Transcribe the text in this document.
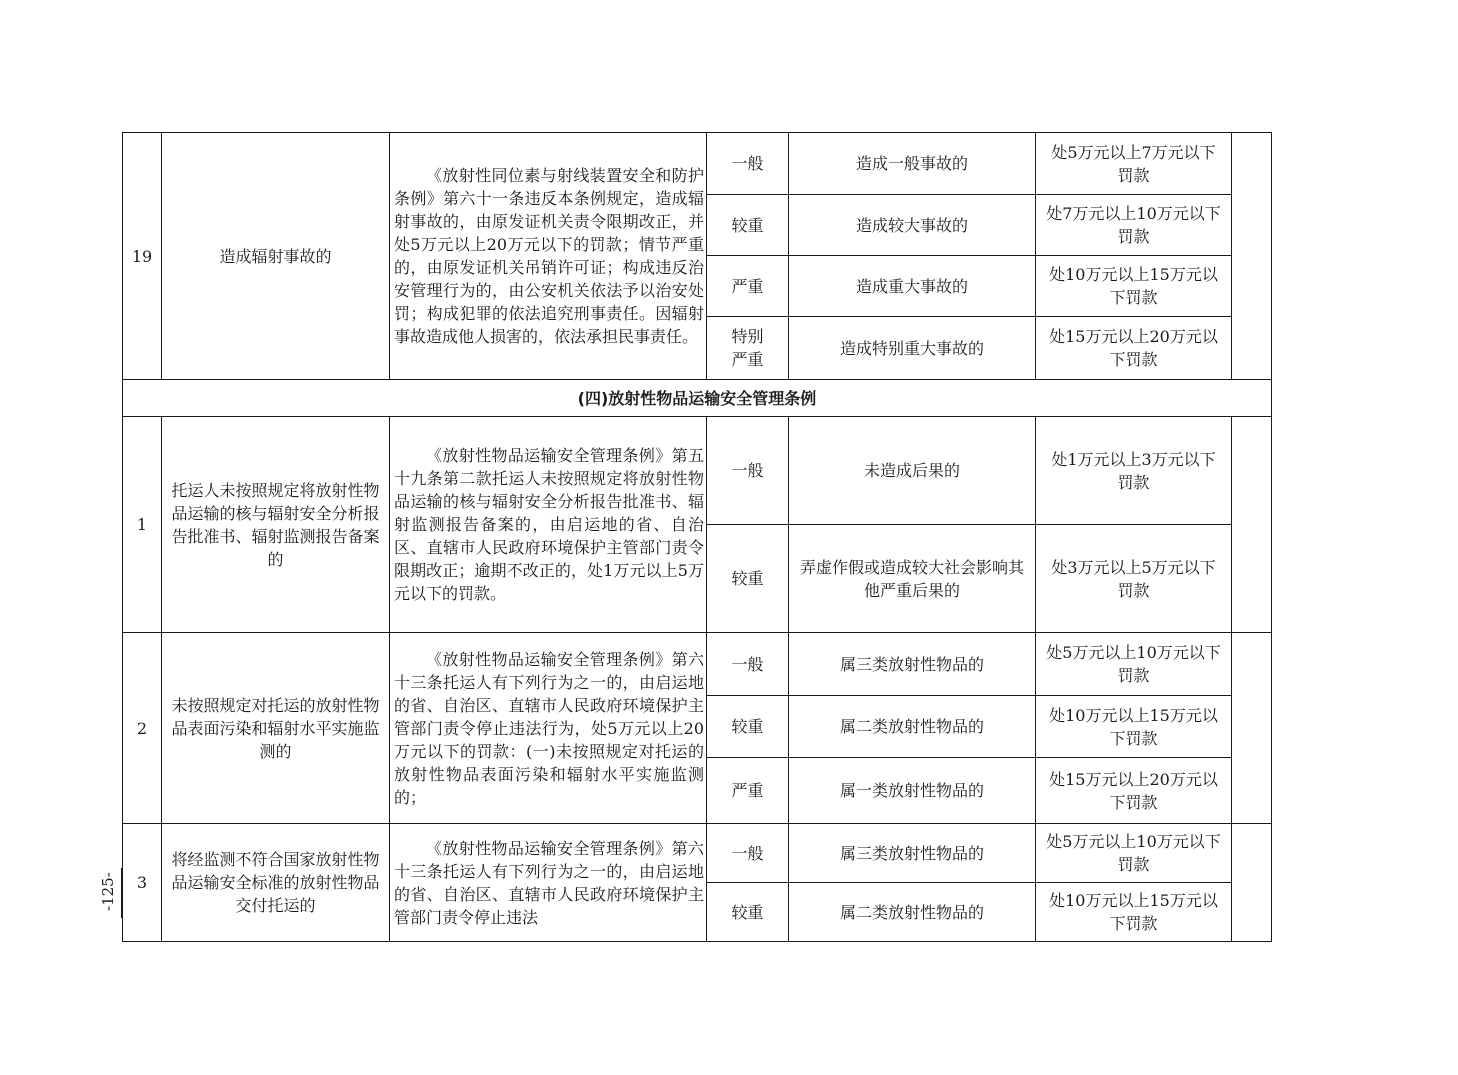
-125-
19	造成辐射事故的	《放射性同位素与射线装置安全和防护条例》第六十一条违反本条例规定，造成辐射事故的，由原发证机关责令限期改正，并处5万元以上20万元以下的罚款；情节严重的，由原发证机关吊销许可证；构成违反治安管理行为的，由公安机关依法予以治安处罚；构成犯罪的依法追究刑事责任。因辐射事故造成他人损害的，依法承担民事责任。	一般	造成一般事故的	处5万元以上7万元以下罚款	
			较重	造成较大事故的	处7万元以上10万元以下罚款	
			严重	造成重大事故的	处10万元以上15万元以下罚款	
			特别严重	造成特别重大事故的	处15万元以上20万元以下罚款	
(四)放射性物品运输安全管理条例						
1	托运人未按照规定将放射性物品运输的核与辐射安全分析报告批准书、辐射监测报告备案的	《放射性物品运输安全管理条例》第五十九条第二款托运人未按照规定将放射性物品运输的核与辐射安全分析报告批准书、辐射监测报告备案的，由启运地的省、自治区、直辖市人民政府环境保护主管部门责令限期改正；逾期不改正的，处1万元以上5万元以下的罚款。	一般	未造成后果的	处1万元以上3万元以下罚款	
			较重	弄虚作假或造成较大社会影响其他严重后果的	处3万元以上5万元以下罚款	
2	未按照规定对托运的放射性物品表面污染和辐射水平实施监测的	《放射性物品运输安全管理条例》第六十三条托运人有下列行为之一的，由启运地的省、自治区、直辖市人民政府环境保护主管部门责令停止违法行为，处5万元以上20万元以下的罚款：(一)未按照规定对托运的放射性物品表面污染和辐射水平实施监测的；	一般	属三类放射性物品的	处5万元以上10万元以下罚款	
			较重	属二类放射性物品的	处10万元以上15万元以下罚款	
			严重	属一类放射性物品的	处15万元以上20万元以下罚款	
3	将经监测不符合国家放射性物品运输安全标准的放射性物品交付托运的	《放射性物品运输安全管理条例》第六十三条托运人有下列行为之一的，由启运地的省、自治区、直辖市人民政府环境保护主管部门责令停止违法	一般	属三类放射性物品的	处5万元以上10万元以下罚款	
			较重	属二类放射性物品的	处10万元以上15万元以下罚款	
